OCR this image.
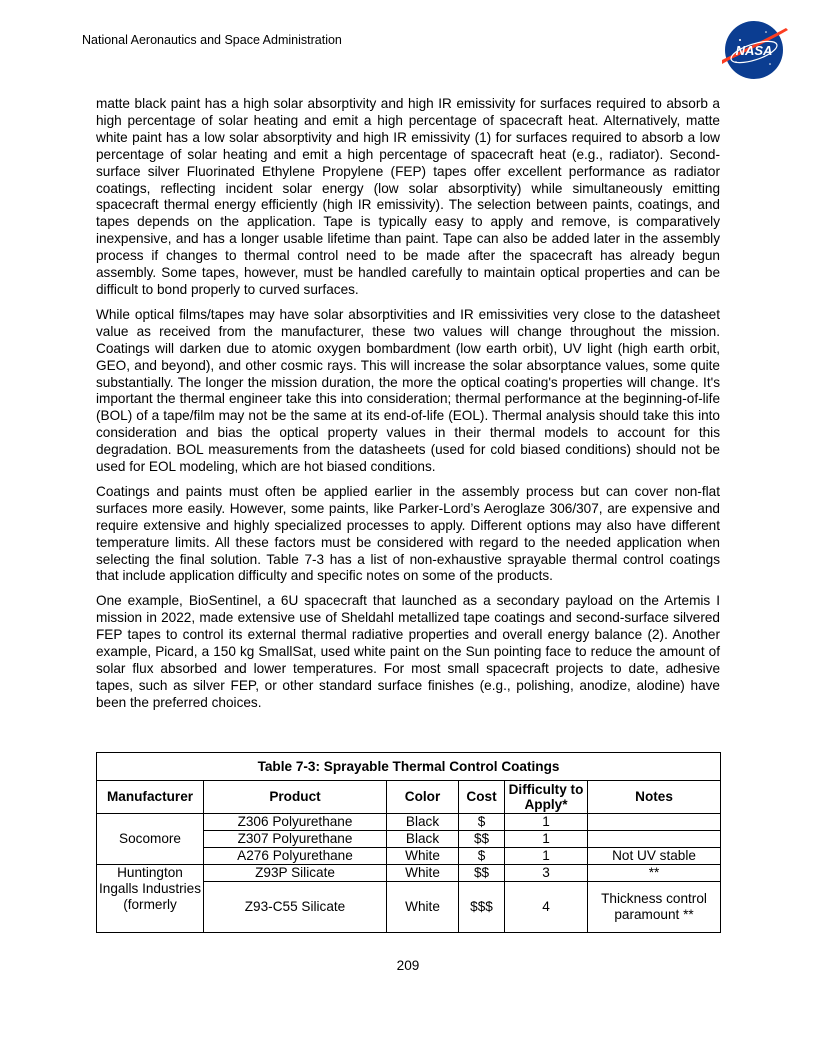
National Aeronautics and Space Administration
NASA

matte black paint has a high solar absorptivity and high IR emissivity for surfaces required to absorb a high percentage of solar heating and emit a high percentage of spacecraft heat. Alternatively, matte white paint has a low solar absorptivity and high IR emissivity (1) for surfaces required to absorb a low percentage of solar heating and emit a high percentage of spacecraft heat (e.g., radiator). Second-surface silver Fluorinated Ethylene Propylene (FEP) tapes offer excellent performance as radiator coatings, reflecting incident solar energy (low solar absorptivity) while simultaneously emitting spacecraft thermal energy efficiently (high IR emissivity). The selection between paints, coatings, and tapes depends on the application. Tape is typically easy to apply and remove, is comparatively inexpensive, and has a longer usable lifetime than paint. Tape can also be added later in the assembly process if changes to thermal control need to be made after the spacecraft has already begun assembly. Some tapes, however, must be handled carefully to maintain optical properties and can be difficult to bond properly to curved surfaces.

While optical films/tapes may have solar absorptivities and IR emissivities very close to the datasheet value as received from the manufacturer, these two values will change throughout the mission. Coatings will darken due to atomic oxygen bombardment (low earth orbit), UV light (high earth orbit, GEO, and beyond), and other cosmic rays. This will increase the solar absorptance values, some quite substantially. The longer the mission duration, the more the optical coating's properties will change. It's important the thermal engineer take this into consideration; thermal performance at the beginning-of-life (BOL) of a tape/film may not be the same at its end-of-life (EOL). Thermal analysis should take this into consideration and bias the optical property values in their thermal models to account for this degradation. BOL measurements from the datasheets (used for cold biased conditions) should not be used for EOL modeling, which are hot biased conditions.

Coatings and paints must often be applied earlier in the assembly process but can cover non-flat surfaces more easily. However, some paints, like Parker-Lord’s Aeroglaze 306/307, are expensive and require extensive and highly specialized processes to apply. Different options may also have different temperature limits. All these factors must be considered with regard to the needed application when selecting the final solution. Table 7-3 has a list of non-exhaustive sprayable thermal control coatings that include application difficulty and specific notes on some of the products.

One example, BioSentinel, a 6U spacecraft that launched as a secondary payload on the Artemis I mission in 2022, made extensive use of Sheldahl metallized tape coatings and second-surface silvered FEP tapes to control its external thermal radiative properties and overall energy balance (2). Another example, Picard, a 150 kg SmallSat, used white paint on the Sun pointing face to reduce the amount of solar flux absorbed and lower temperatures. For most small spacecraft projects to date, adhesive tapes, such as silver FEP, or other standard surface finishes (e.g., polishing, anodize, alodine) have been the preferred choices.

Table 7-3: Sprayable Thermal Control Coatings					
Manufacturer	Product	Color	Cost	Difficulty to Apply*	Notes
Socomore	Z306 Polyurethane	Black	$	1	
	Z307 Polyurethane	Black	$$	1	
	A276 Polyurethane	White	$	1	Not UV stable
Huntington Ingalls Industries (formerly	Z93P Silicate	White	$$	3	**
	Z93-C55 Silicate	White	$$$	4	Thickness control paramount **
209
